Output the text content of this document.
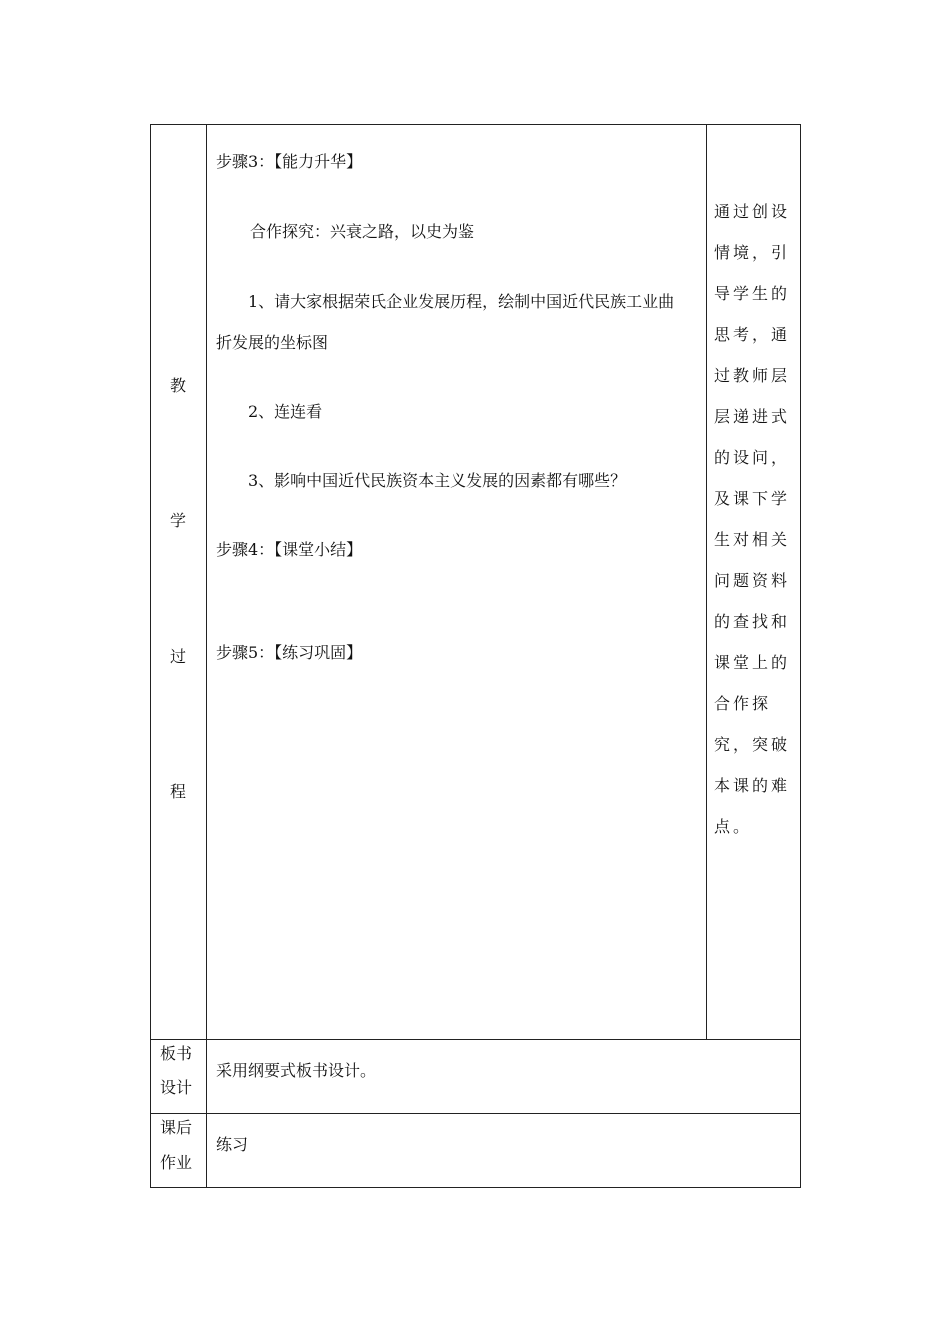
教
学
过
程
步骤3：【能力升华】
合作探究：兴衰之路，以史为鉴
1、请大家根据荣氏企业发展历程，绘制中国近代民族工业曲
折发展的坐标图
2、连连看
3、影响中国近代民族资本主义发展的因素都有哪些？
步骤4：【课堂小结】
步骤5：【练习巩固】
通过创设情境，引导学生的思考，通过教师层层递进式的设问，及课下学生对相关问题资料的查找和课堂上的合作探究，突破本课的难点。
板书
设计
采用纲要式板书设计。
课后
作业
练习
